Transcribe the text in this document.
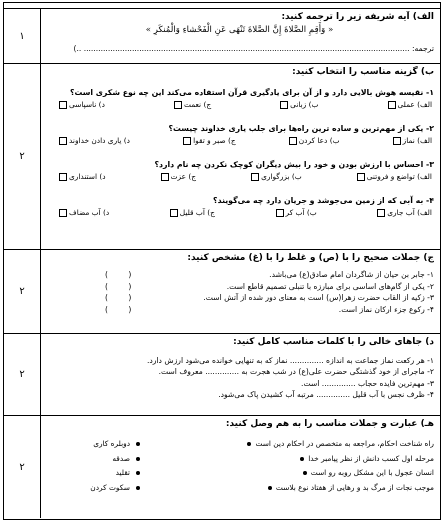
الف) آیه شریفه زیر را ترجمه کنید:
« وَأَقِمِ الصَّلاةَ إِنَّ الصَّلاةَ تَنْهَى عَنِ الْفَحْشاءِ وَالْمُنكَرِ »
ترجمه: ....................................................................................................................................... ..)
۱
ب) گزینه مناسب را انتخاب کنید:
۱- نقیسه هوش بالایی دارد و از آن برای یادگیری قرآن استفاده می‌کند این چه نوع شکری است؟
الف) عملی
ب) زبانی
ج) نعمت
د) ناسپاسی
۲- یکی از مهم‌ترین و ساده ترین راه‌ها برای جلب یاری خداوند چیست؟
الف) نماز
ب) دعا کردن
ج) صبر و تقوا
د) یاری دادن خداوند
۳- احساس با ارزش بودن و خود را بیش دیگران کوچک نکردن چه نام دارد؟
الف) تواضع و فروتنی
ب) بزرگواری
ج) عزت
د) استنداری
۴- به آبی که از زمین می‌جوشد و جریان دارد چه می‌گویند؟
الف) آب جاری
ب) آب کر
ج) آب قلیل
د) آب مضاف
۲
ج) جملات صحیح را با (ص) و غلط را با (غ) مشخص کنید:
۱- جابر بن حیان از شاگردان امام صادق(ع) می‌باشد.
( )
۲- یکی از گام‌های اساسی برای مبارزه با تنبلی تصمیم قاطع است.
( )
۳- زکیه از القاب حضرت زهرا(س) است به معنای دور شده از آتش است.
( )
۴- رکوع جزء ارکان نماز است.
( )
۲
د) جاهای خالی را با کلمات مناسب کامل کنید:
۱- هر رکعت نماز جماعت به اندازه .............. نماز که به تنهایی خوانده می‌شود ارزش دارد.
۲- ماجرای از خود گذشتگی حضرت علی(ع) در شب هجرت به .............. معروف است.
۳- مهم‌ترین فایده حجاب .............. است.
۴- ظرف نجس با آب قلیل .............. مرتبه آب کشیدن پاک می‌شود.
۲
هـ) عبارت و جملات مناسب را به هم وصل کنید:
راه شناخت احکام، مراجعه به متخصص در احکام دین است
دوبلره کاری
مرحله اول کسب دانش از نظر پیامبر خدا
صدقه
انسان عجول با این مشکل روبه رو است
تقلید
موجب نجات از مرگ بد و رهایی از هفتاد نوع بلاست
سکوت کردن
۲
